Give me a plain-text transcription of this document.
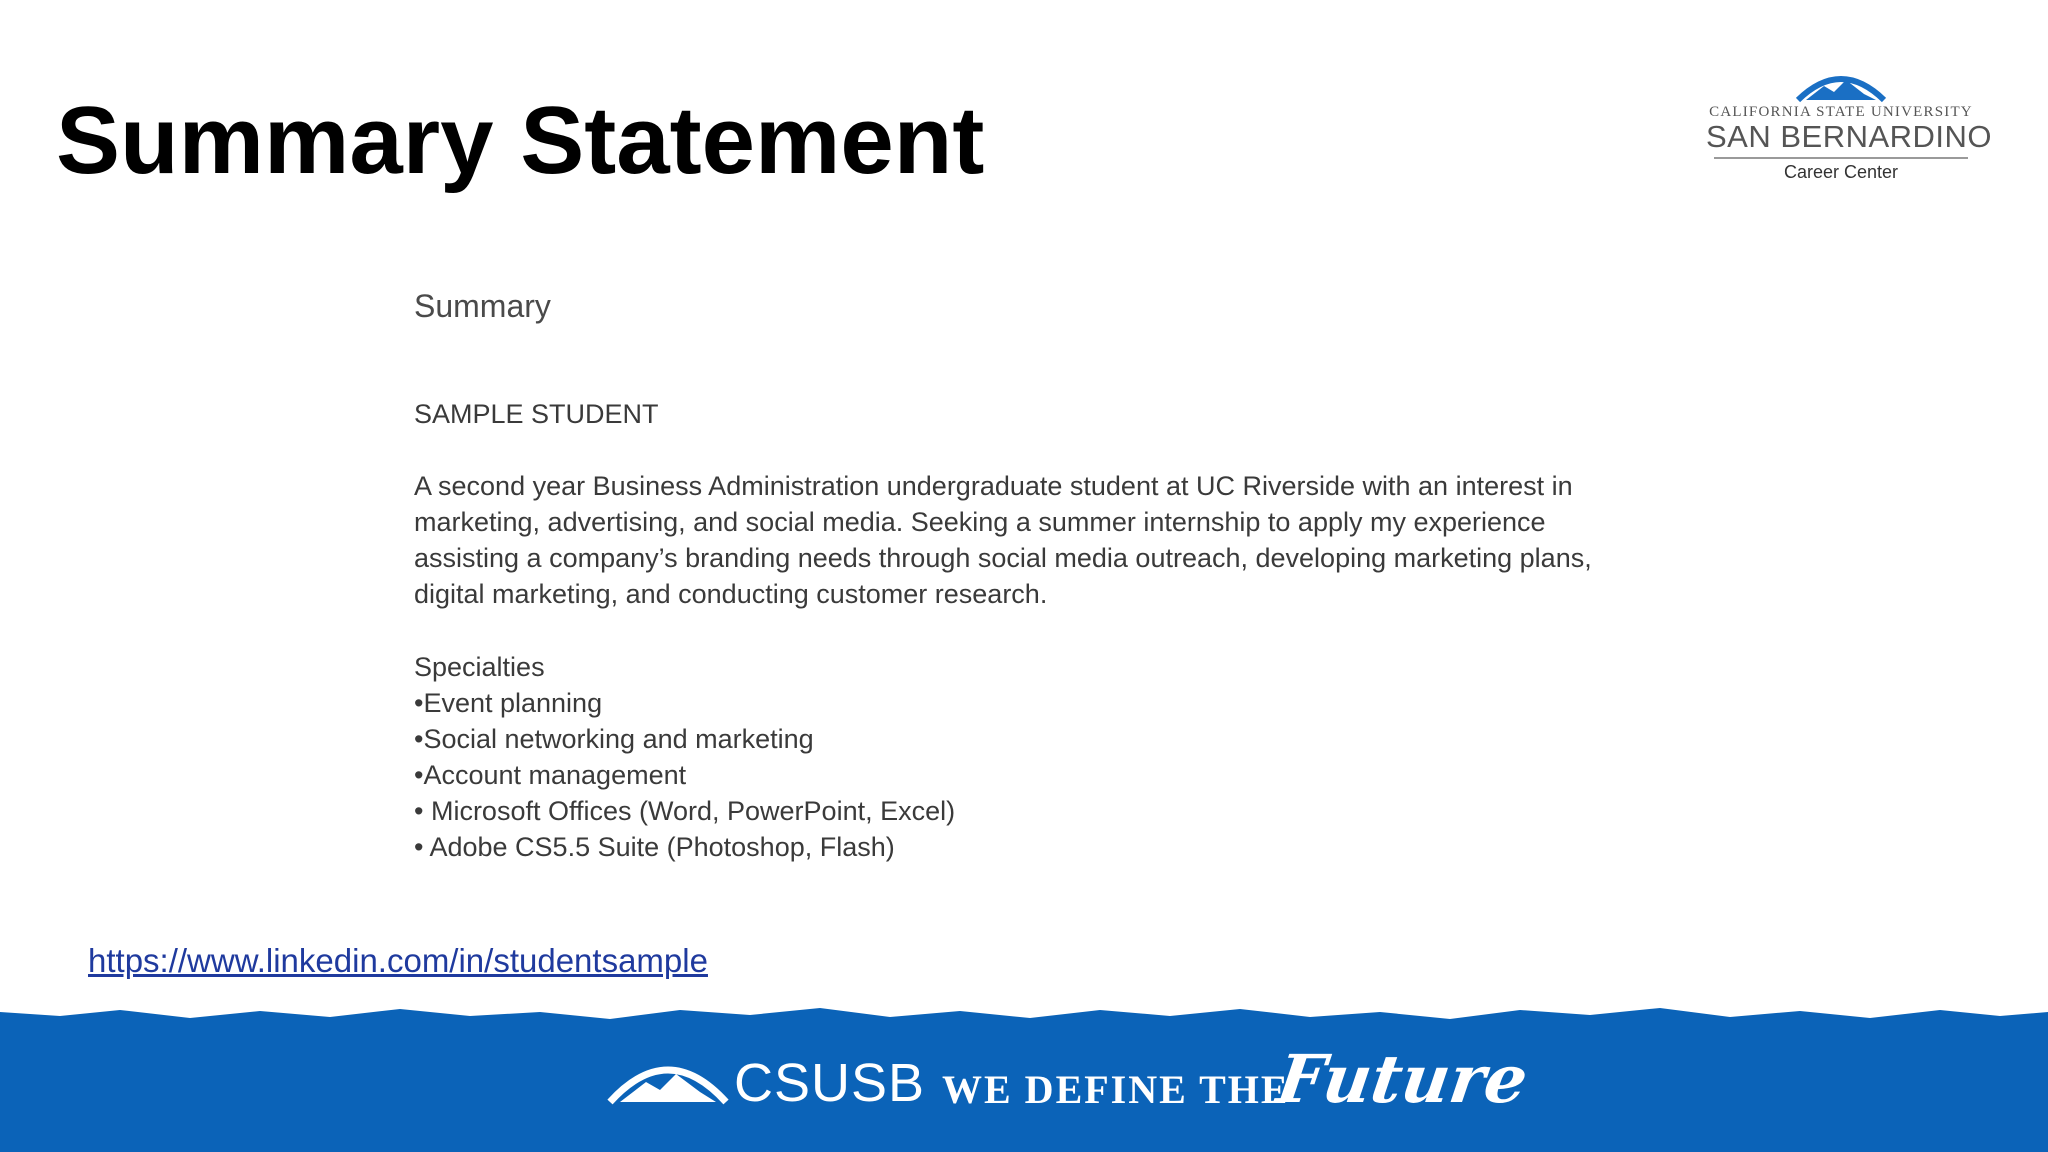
Summary Statement	CALIFORNIA STATE UNIVERSITY
SAN BERNARDINO
Career Center
Summary
SAMPLE STUDENT
A second year Business Administration undergraduate student at UC Riverside with an interest in marketing, advertising, and social media. Seeking a summer internship to apply my experience assisting a company’s branding needs through social media outreach, developing marketing plans, digital marketing, and conducting customer research.
Specialties
•Event planning
•Social networking and marketing
•Account management
• Microsoft Offices (Word, PowerPoint, Excel)
• Adobe CS5.5 Suite (Photoshop, Flash)
https://www.linkedin.com/in/studentsample
CSUSB WE DEFINE THE
Future
